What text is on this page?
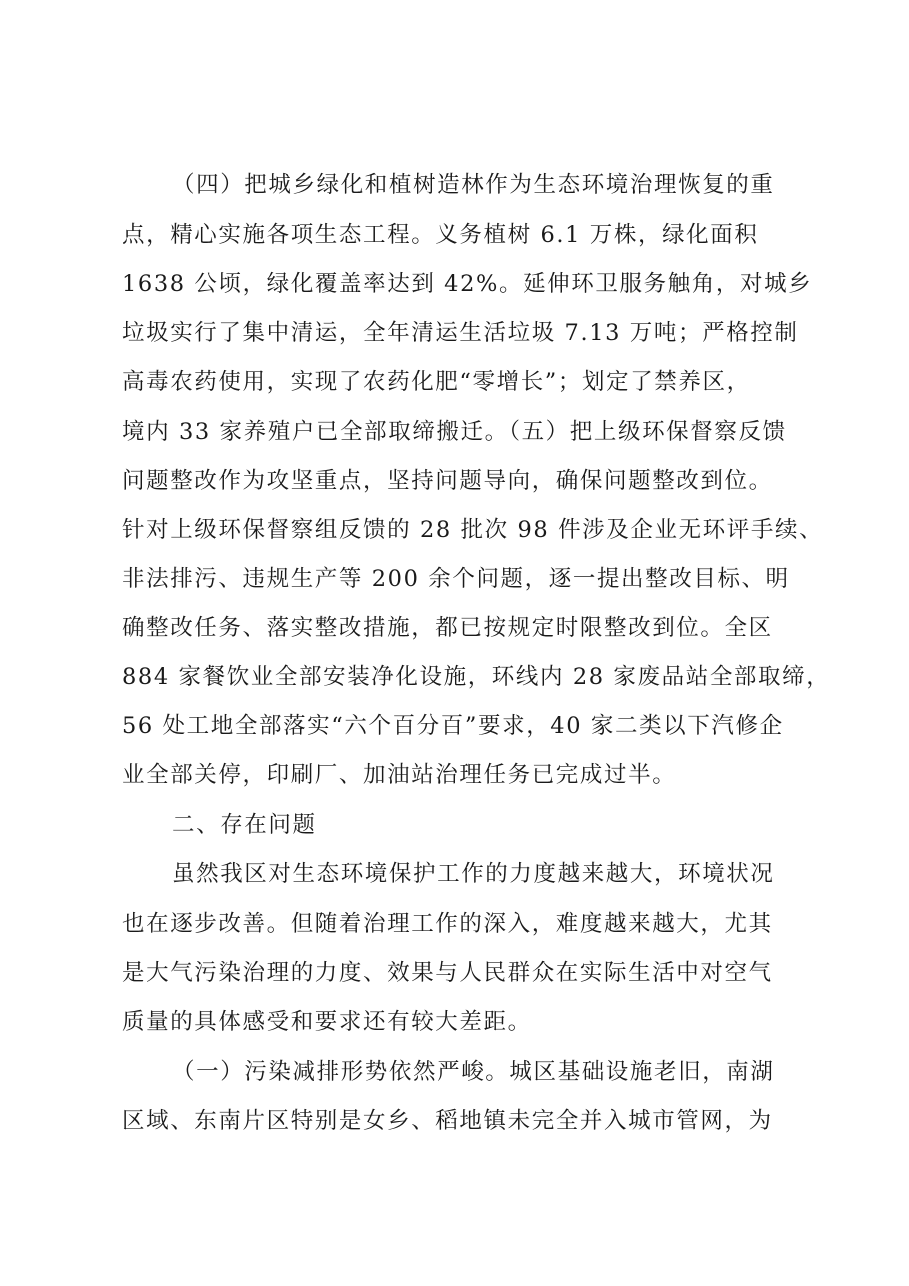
（四）把城乡绿化和植树造林作为生态环境治理恢复的重
点，精心实施各项生态工程。义务植树 6.1 万株，绿化面积
1638 公顷，绿化覆盖率达到 42%。延伸环卫服务触角，对城乡
垃圾实行了集中清运，全年清运生活垃圾 7.13 万吨；严格控制
高毒农药使用，实现了农药化肥“零增长”；划定了禁养区，
境内 33 家养殖户已全部取缔搬迁。（五）把上级环保督察反馈
问题整改作为攻坚重点，坚持问题导向，确保问题整改到位。
针对上级环保督察组反馈的 28 批次 98 件涉及企业无环评手续、
非法排污、违规生产等 200 余个问题，逐一提出整改目标、明
确整改任务、落实整改措施，都已按规定时限整改到位。全区
884 家餐饮业全部安装净化设施，环线内 28 家废品站全部取缔，
56 处工地全部落实“六个百分百”要求，40 家二类以下汽修企
业全部关停，印刷厂、加油站治理任务已完成过半。
二、存在问题
虽然我区对生态环境保护工作的力度越来越大，环境状况
也在逐步改善。但随着治理工作的深入，难度越来越大，尤其
是大气污染治理的力度、效果与人民群众在实际生活中对空气
质量的具体感受和要求还有较大差距。
（一）污染减排形势依然严峻。城区基础设施老旧，南湖
区域、东南片区特别是女乡、稻地镇未完全并入城市管网，为
